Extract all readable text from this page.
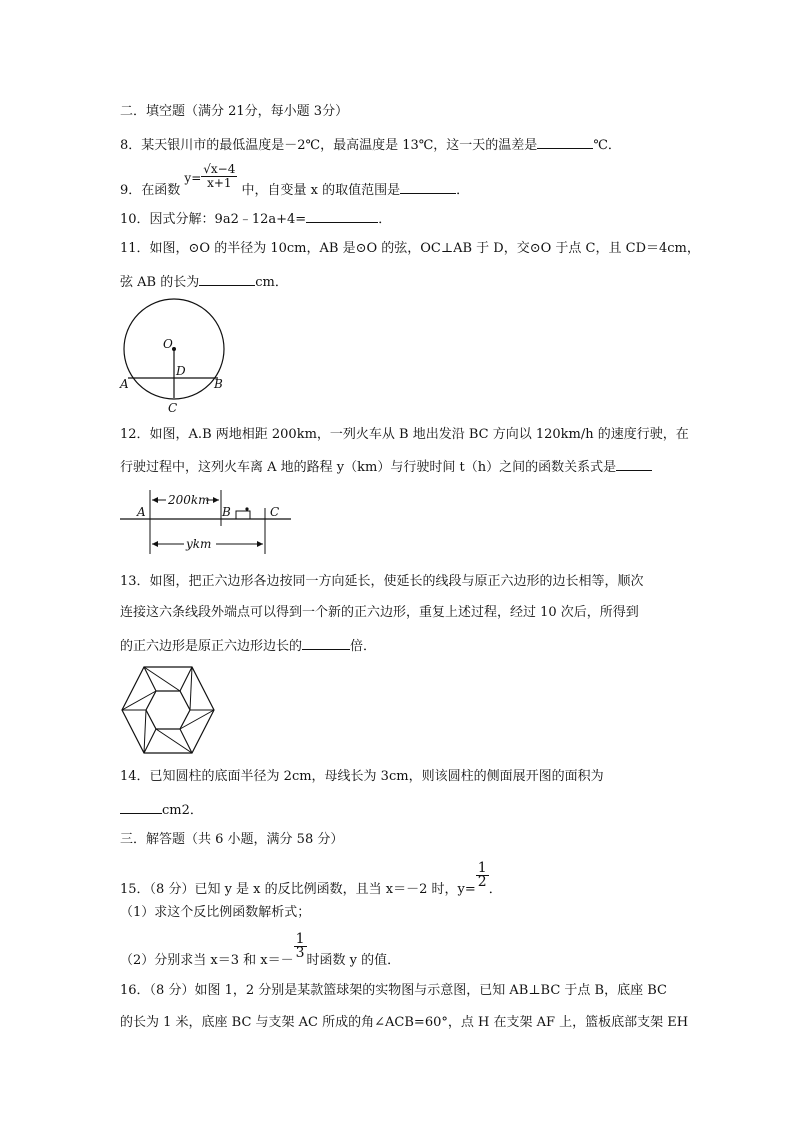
二．填空题（满分 21分，每小题 3分）
8．某天银川市的最低温度是－2℃，最高温度是 13℃，这一天的温差是	℃．
9．在函数 $y= \frac{√x-4}{x+1}$
中，自变量 x 的取值范围是	．
10．因式分解：9a2﹣12a+4=	．
11．如图，⊙O 的半径为 10cm，AB 是⊙O 的弦，OC⊥AB 于 D，交⊙O 于点 C，且 CD＝4cm，
弦 AB 的长为	cm．
O
D
A	B
C
12．如图，A.B 两地相距 200km，一列火车从 B 地出发沿 BC 方向以 120km/h 的速度行驶，在
行驶过程中，这列火车离 A 地的路程 y（km）与行驶时间 t（h）之间的函数关系式是
200km
ykm
A	B	C
13．如图，把正六边形各边按同一方向延长，使延长的线段与原正六边形的边长相等，顺次
连接这六条线段外端点可以得到一个新的正六边形，重复上述过程，经过 10 次后，所得到
的正六边形是原正六边形边长的	倍．
14．已知圆柱的底面半径为 2cm，母线长为 3cm，则该圆柱的侧面展开图的面积为
cm2．
三．解答题（共 6 小题，满分 58 分）
15．（8 分）已知 y 是 x 的反比例函数，且当 x＝－2 时，y=
$\frac{1}{2}$
．
（1）求这个反比例函数解析式；
（2）分别求当 x＝3 和 x＝－
$\frac{1}{3}$
时函数 y 的值．
16．（8 分）如图 1，2 分别是某款篮球架的实物图与示意图，已知 AB⊥BC 于点 B，底座 BC
的长为 1 米，底座 BC 与支架 AC 所成的角∠ACB=60°，点 H 在支架 AF 上，篮板底部支架 EH
